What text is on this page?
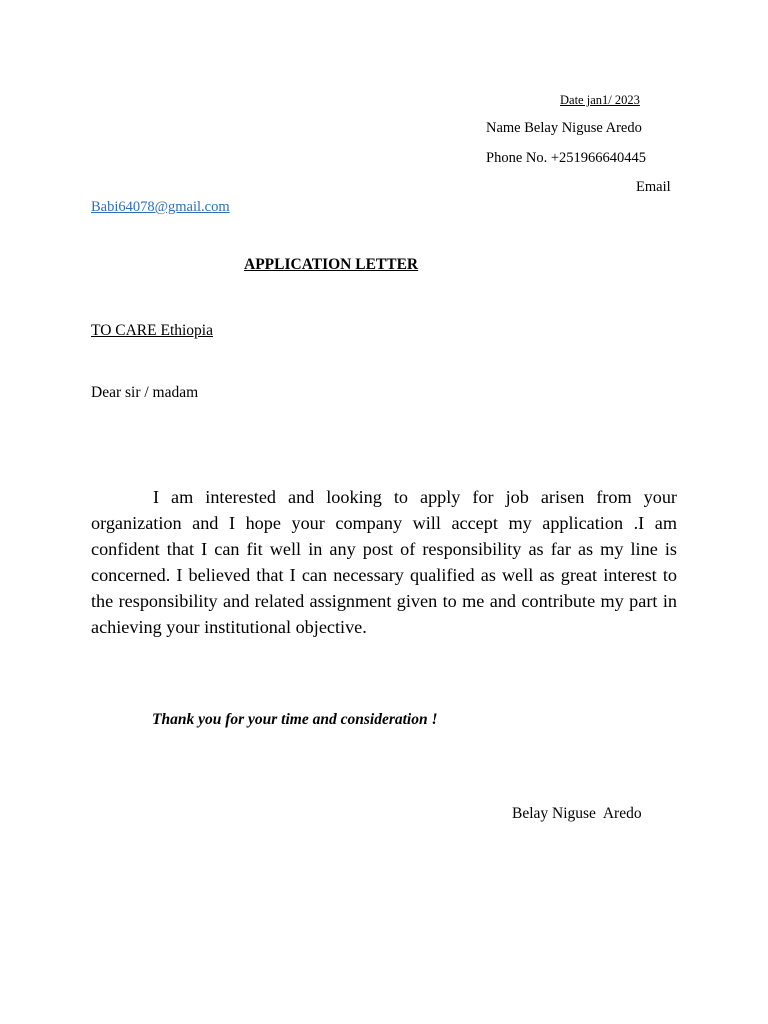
Date jan1/ 2023
Name Belay Niguse Aredo
Phone No. +251966640445
Email
Babi64078@gmail.com
APPLICATION LETTER
TO CARE Ethiopia
Dear sir / madam

I am interested and looking to apply for job arisen from your organization and I hope your company will accept my application .I am confident that I can fit well in any post of responsibility as far as my line is concerned. I believed that I can necessary qualified as well as great interest to the responsibility and related assignment given to me and contribute my part in achieving your institutional objective.

Thank you for your time and consideration !
Belay Niguse  Aredo
